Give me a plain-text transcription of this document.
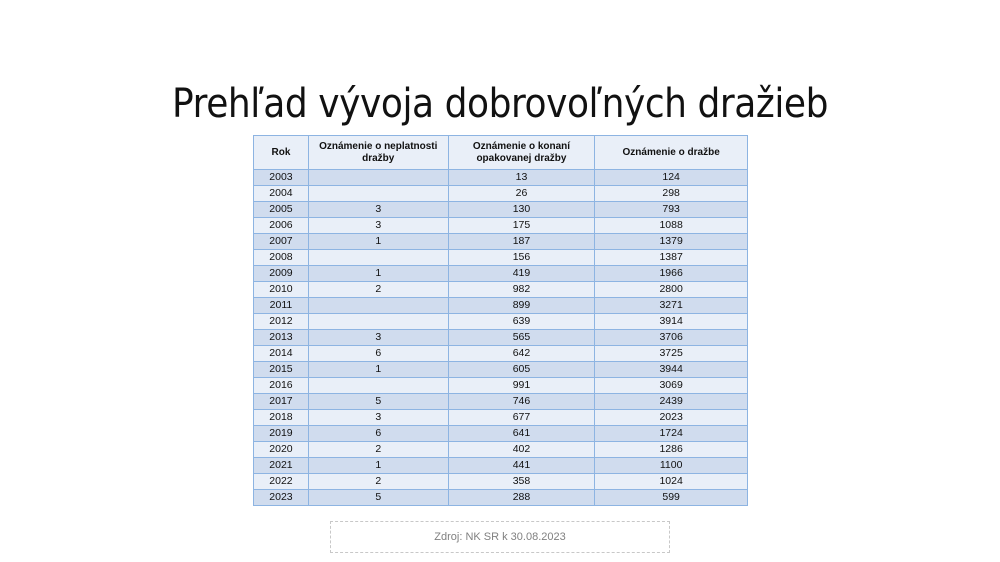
Prehľad vývoja dobrovoľných dražieb
Rok	Oznámenie o neplatnosti dražby	Oznámenie o konaní opakovanej dražby	Oznámenie o dražbe
2003		13	124
2004		26	298
2005	3	130	793
2006	3	175	1088
2007	1	187	1379
2008		156	1387
2009	1	419	1966
2010	2	982	2800
2011		899	3271
2012		639	3914
2013	3	565	3706
2014	6	642	3725
2015	1	605	3944
2016		991	3069
2017	5	746	2439
2018	3	677	2023
2019	6	641	1724
2020	2	402	1286
2021	1	441	1100
2022	2	358	1024
2023	5	288	599
Zdroj: NK SR k 30.08.2023
